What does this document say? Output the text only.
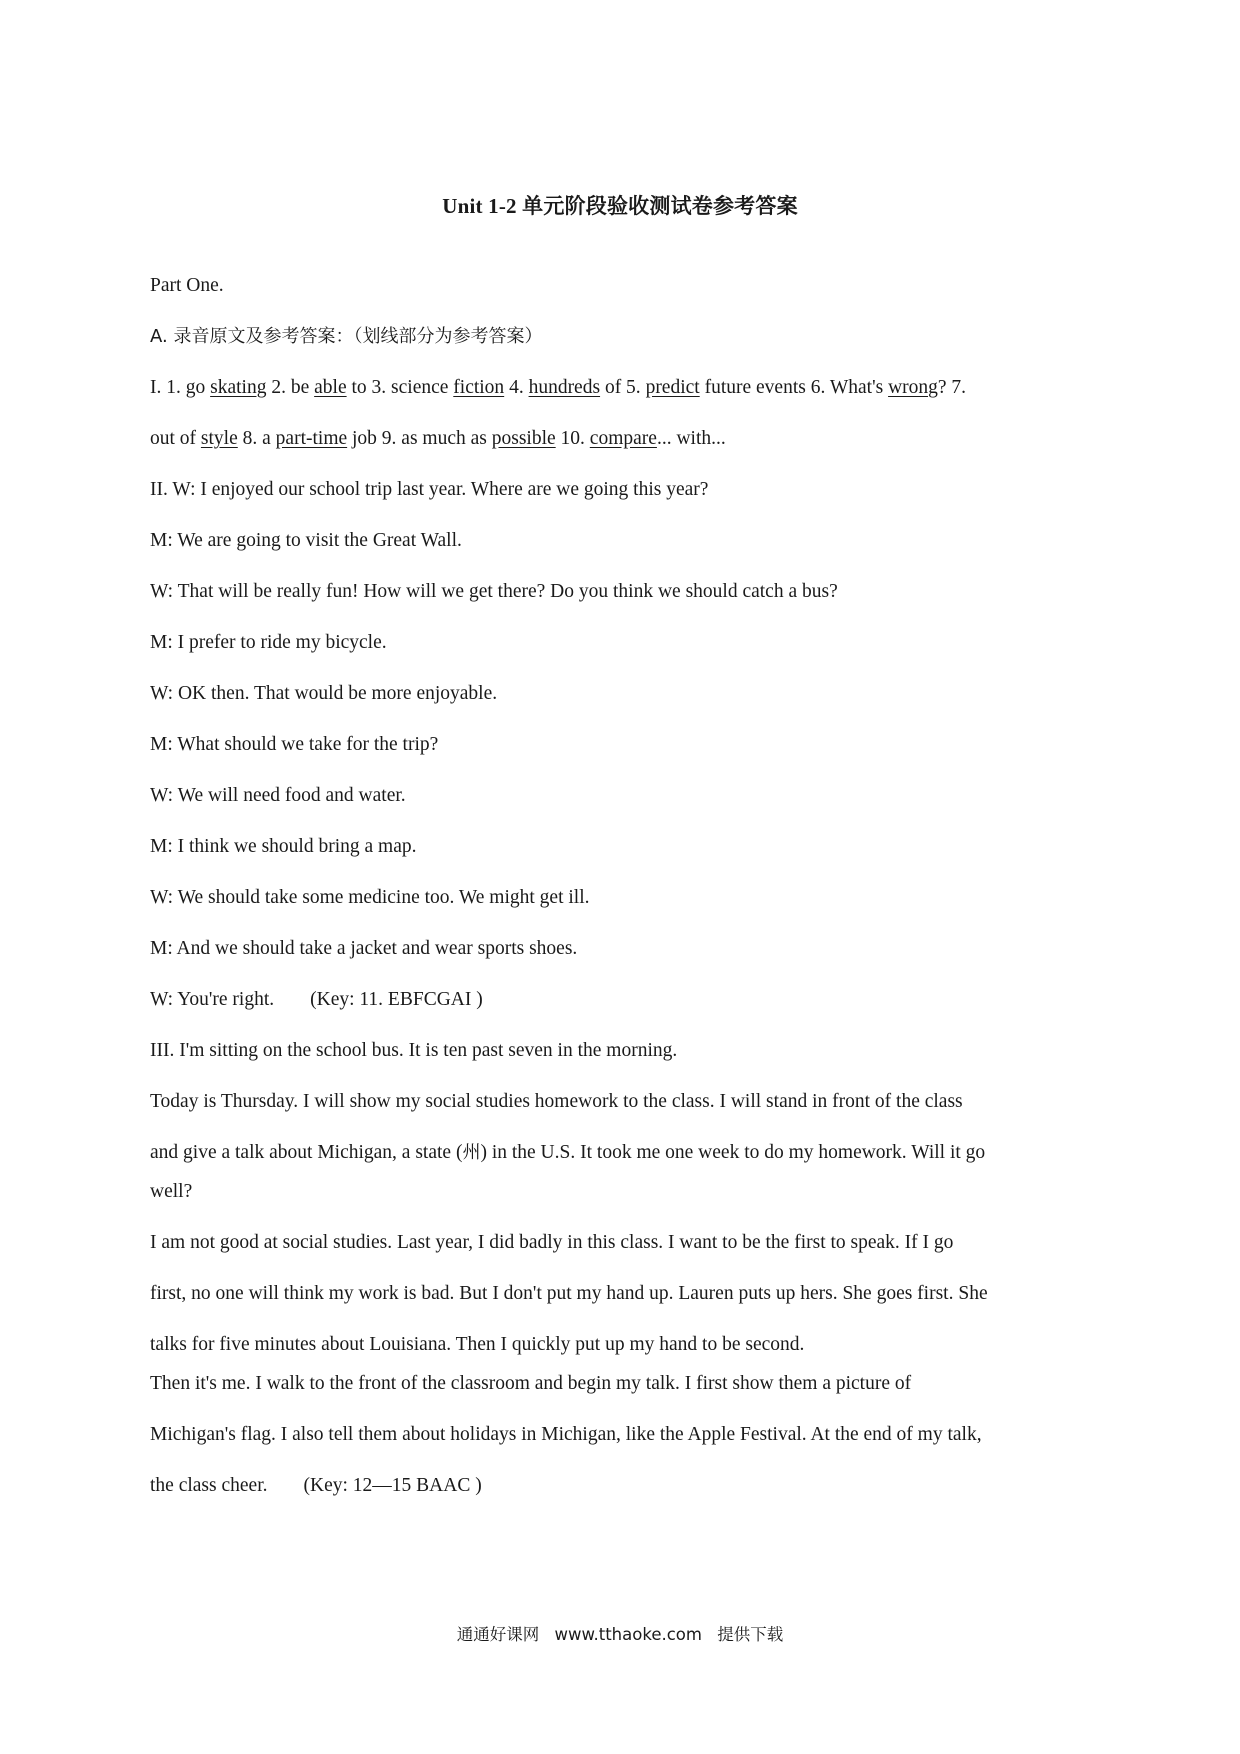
Unit 1-2 单元阶段验收测试卷参考答案
Part One.
A. 录音原文及参考答案：（划线部分为参考答案）
I. 1. go skating 2. be able to 3. science fiction 4. hundreds of 5. predict future events 6. What's wrong? 7.
out of style 8. a part-time job 9. as much as possible 10. compare... with...
II. W: I enjoyed our school trip last year. Where are we going this year?
M: We are going to visit the Great Wall.
W: That will be really fun! How will we get there? Do you think we should catch a bus?
M: I prefer to ride my bicycle.
W: OK then. That would be more enjoyable.
M: What should we take for the trip?
W: We will need food and water.
M: I think we should bring a map.
W: We should take some medicine too. We might get ill.
M: And we should take a jacket and wear sports shoes.
W: You're right. (Key: 11. EBFCGAI )
III. I'm sitting on the school bus. It is ten past seven in the morning.
Today is Thursday. I will show my social studies homework to the class. I will stand in front of the class
and give a talk about Michigan, a state (州) in the U.S. It took me one week to do my homework. Will it go
well?
I am not good at social studies. Last year, I did badly in this class. I want to be the first to speak. If I go
first, no one will think my work is bad. But I don't put my hand up. Lauren puts up hers. She goes first. She
talks for five minutes about Louisiana. Then I quickly put up my hand to be second.
Then it's me. I walk to the front of the classroom and begin my talk. I first show them a picture of
Michigan's flag. I also tell them about holidays in Michigan, like the Apple Festival. At the end of my talk,
the class cheer. (Key: 12—15 BAAC )
通通好课网 www.tthaoke.com 提供下载
